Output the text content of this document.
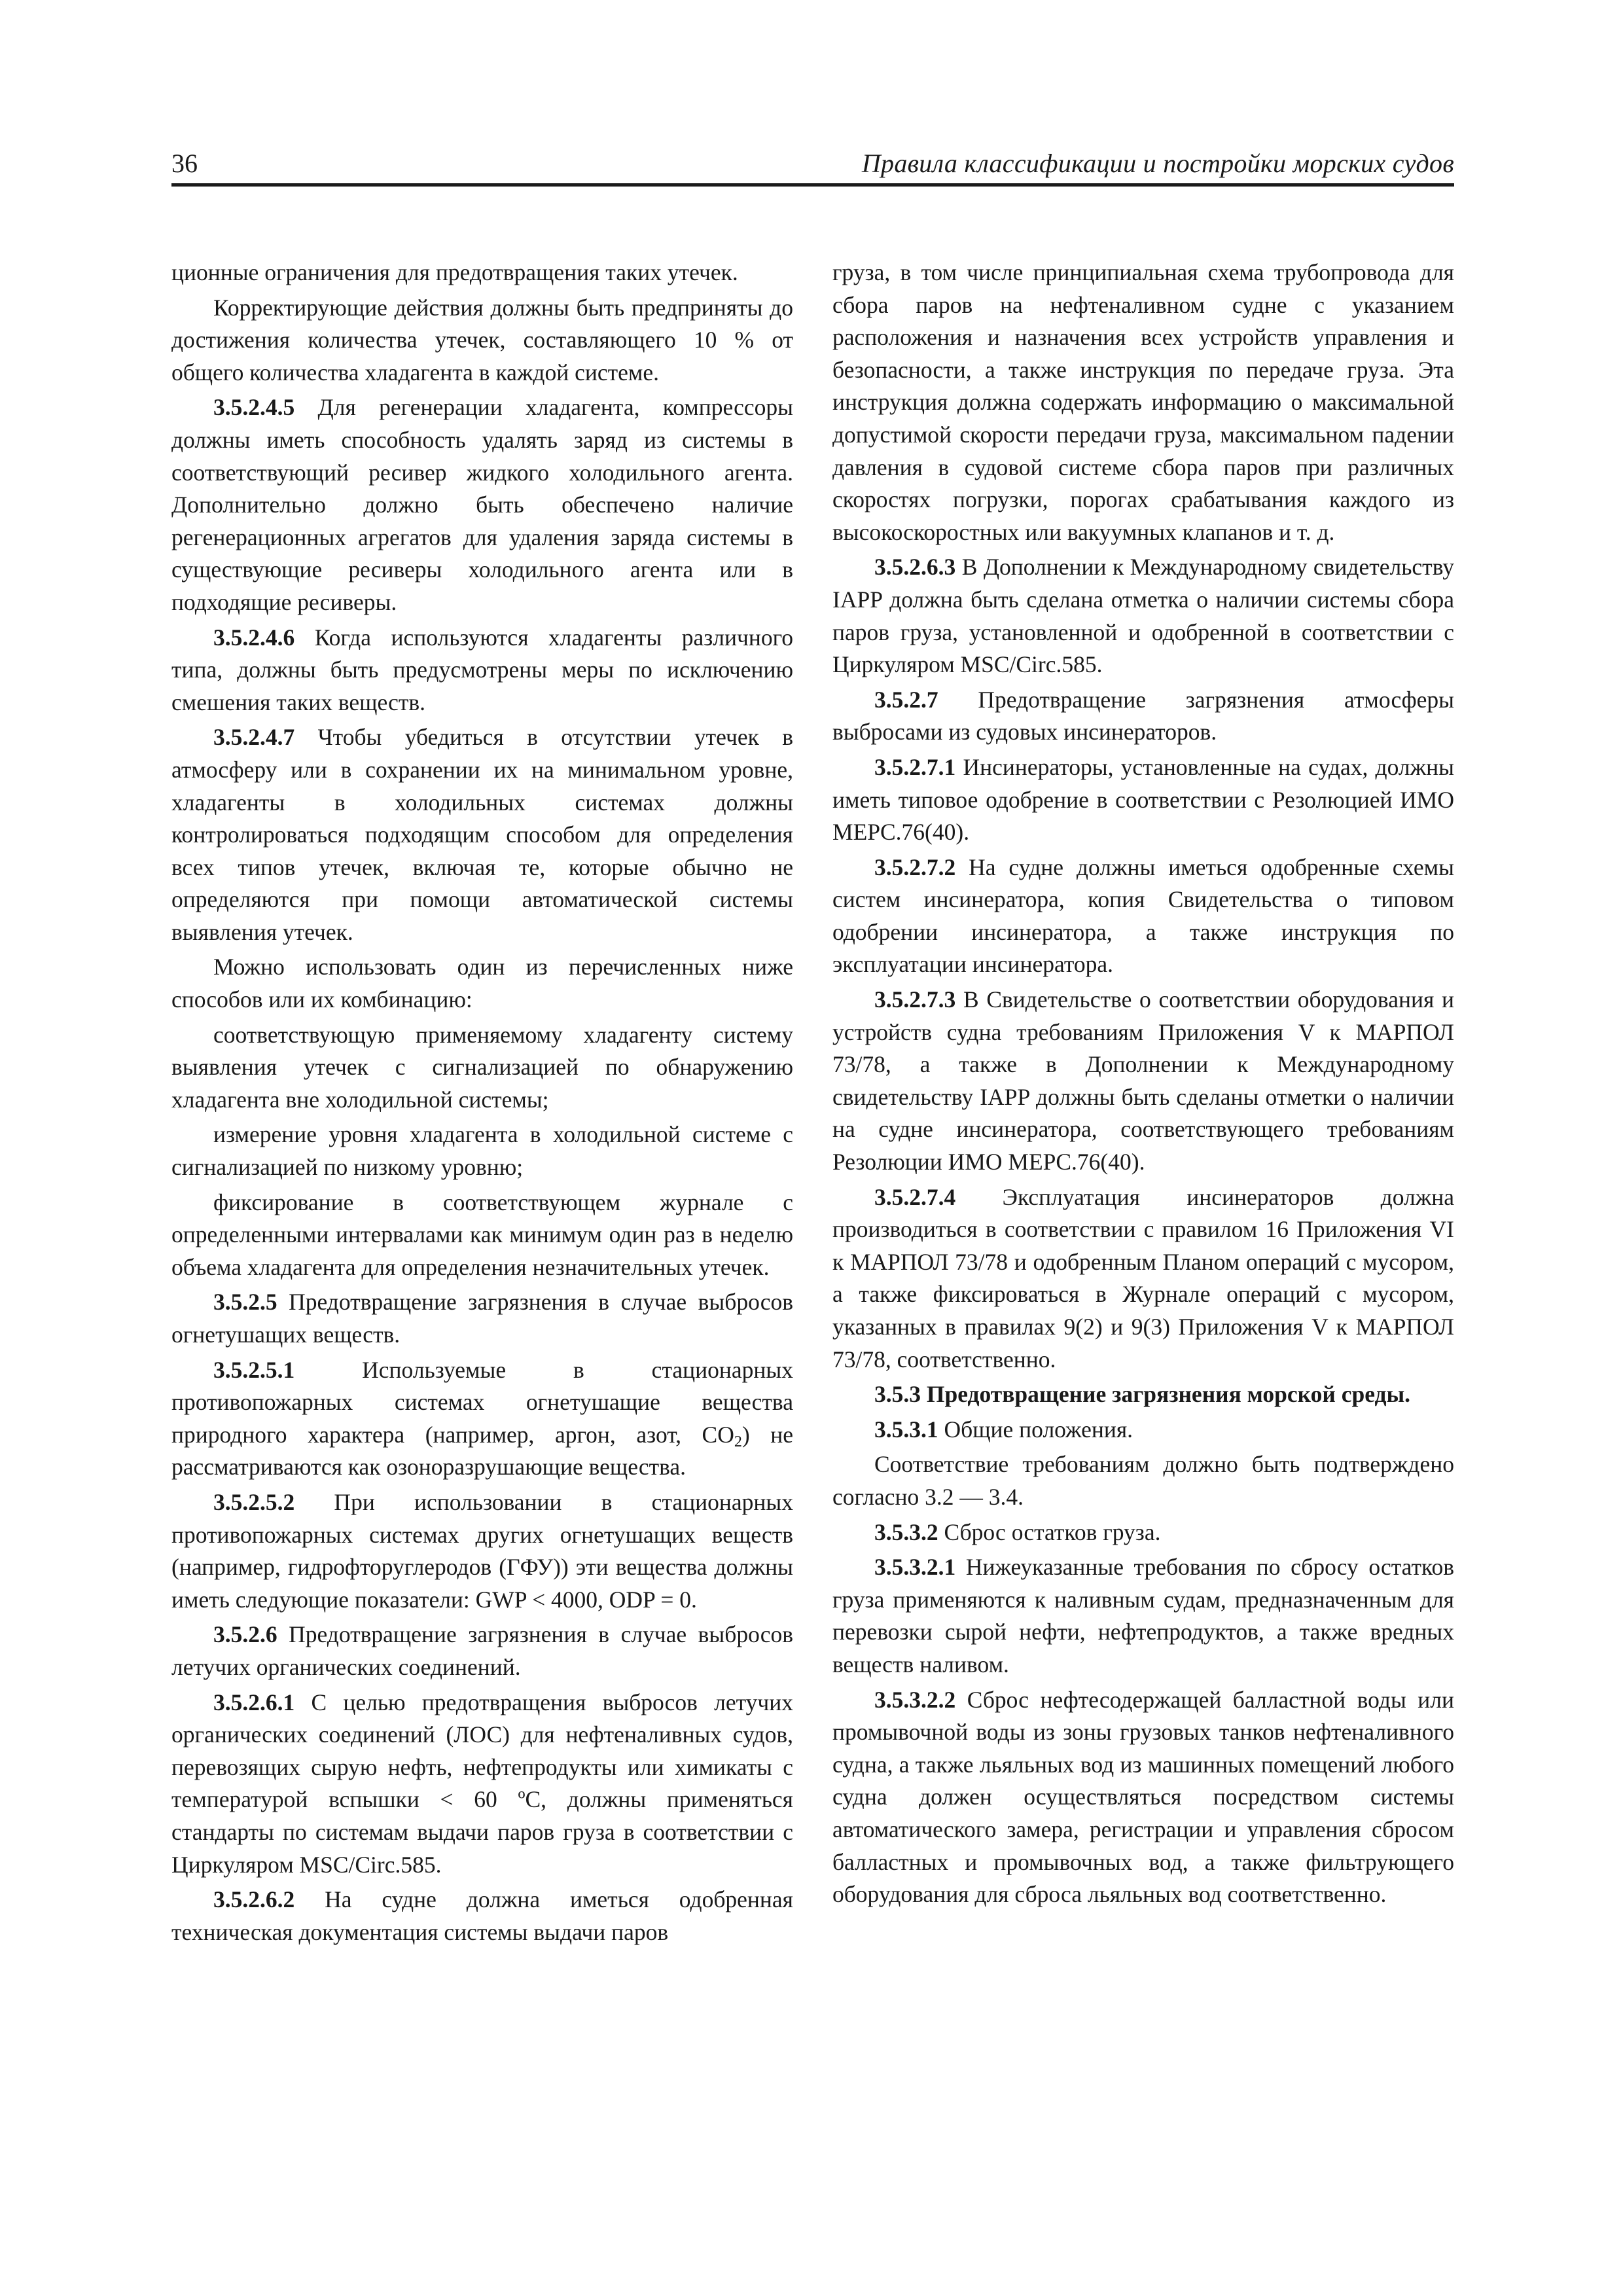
36	Правила классификации и постройки морских судов

ционные ограничения для предотвращения таких утечек.

Корректирующие действия должны быть предприняты до достижения количества утечек, составляющего 10 % от общего количества хладагента в каждой системе.

3.5.2.4.5 Для регенерации хладагента, компрессоры должны иметь способность удалять заряд из системы в соответствующий ресивер жидкого холодильного агента. Дополнительно должно быть обеспечено наличие регенерационных агрегатов для удаления заряда системы в существующие ресиверы холодильного агента или в подходящие ресиверы.

3.5.2.4.6 Когда используются хладагенты различного типа, должны быть предусмотрены меры по исключению смешения таких веществ.

3.5.2.4.7 Чтобы убедиться в отсутствии утечек в атмосферу или в сохранении их на минимальном уровне, хладагенты в холодильных системах должны контролироваться подходящим способом для определения всех типов утечек, включая те, которые обычно не определяются при помощи автоматической системы выявления утечек.

Можно использовать один из перечисленных ниже способов или их комбинацию:

соответствующую применяемому хладагенту систему выявления утечек с сигнализацией по обнаружению хладагента вне холодильной системы;

измерение уровня хладагента в холодильной системе с сигнализацией по низкому уровню;

фиксирование в соответствующем журнале с определенными интервалами как минимум один раз в неделю объема хладагента для определения незначительных утечек.

3.5.2.5 Предотвращение загрязнения в случае выбросов огнетушащих веществ.

3.5.2.5.1 Используемые в стационарных противопожарных системах огнетушащие вещества природного характера (например, аргон, азот, $CO_2$) не рассматриваются как озоноразрушающие вещества.

3.5.2.5.2 При использовании в стационарных противопожарных системах других огнетушащих веществ (например, гидрофторуглеродов (ГФУ)) эти вещества должны иметь следующие показатели: GWP < 4000, ODP = 0.

3.5.2.6 Предотвращение загрязнения в случае выбросов летучих органических соединений.

3.5.2.6.1 С целью предотвращения выбросов летучих органических соединений (ЛОС) для нефтеналивных судов, перевозящих сырую нефть, нефтепродукты или химикаты с температурой вспышки < 60 ºC, должны применяться стандарты по системам выдачи паров груза в соответствии с Циркуляром MSC/Circ.585.

3.5.2.6.2 На судне должна иметься одобренная техническая документация системы выдачи паров

груза, в том числе принципиальная схема трубопровода для сбора паров на нефтеналивном судне с указанием расположения и назначения всех устройств управления и безопасности, а также инструкция по передаче груза. Эта инструкция должна содержать информацию о максимальной допустимой скорости передачи груза, максимальном падении давления в судовой системе сбора паров при различных скоростях погрузки, порогах срабатывания каждого из высокоскоростных или вакуумных клапанов и т. д.

3.5.2.6.3 В Дополнении к Международному свидетельству IAPP должна быть сделана отметка о наличии системы сбора паров груза, установленной и одобренной в соответствии с Циркуляром MSC/Circ.585.

3.5.2.7 Предотвращение загрязнения атмосферы выбросами из судовых инсинераторов.

3.5.2.7.1 Инсинераторы, установленные на судах, должны иметь типовое одобрение в соответствии с Резолюцией ИМО MEPC.76(40).

3.5.2.7.2 На судне должны иметься одобренные схемы систем инсинератора, копия Свидетельства о типовом одобрении инсинератора, а также инструкция по эксплуатации инсинератора.

3.5.2.7.3 В Свидетельстве о соответствии оборудования и устройств судна требованиям Приложения V к МАРПОЛ 73/78, а также в Дополнении к Международному свидетельству IAPP должны быть сделаны отметки о наличии на судне инсинератора, соответствующего требованиям Резолюции ИМО MEPC.76(40).

3.5.2.7.4 Эксплуатация инсинераторов должна производиться в соответствии с правилом 16 Приложения VI к МАРПОЛ 73/78 и одобренным Планом операций с мусором, а также фиксироваться в Журнале операций с мусором, указанных в правилах 9(2) и 9(3) Приложения V к МАРПОЛ 73/78, соответственно.

3.5.3 Предотвращение загрязнения морской среды.

3.5.3.1 Общие положения.

Соответствие требованиям должно быть подтверждено согласно 3.2 — 3.4.

3.5.3.2 Сброс остатков груза.

3.5.3.2.1 Нижеуказанные требования по сбросу остатков груза применяются к наливным судам, предназначенным для перевозки сырой нефти, нефтепродуктов, а также вредных веществ наливом.

3.5.3.2.2 Сброс нефтесодержащей балластной воды или промывочной воды из зоны грузовых танков нефтеналивного судна, а также льяльных вод из машинных помещений любого судна должен осуществляться посредством системы автоматического замера, регистрации и управления сбросом балластных и промывочных вод, а также фильтрующего оборудования для сброса льяльных вод соответственно.
